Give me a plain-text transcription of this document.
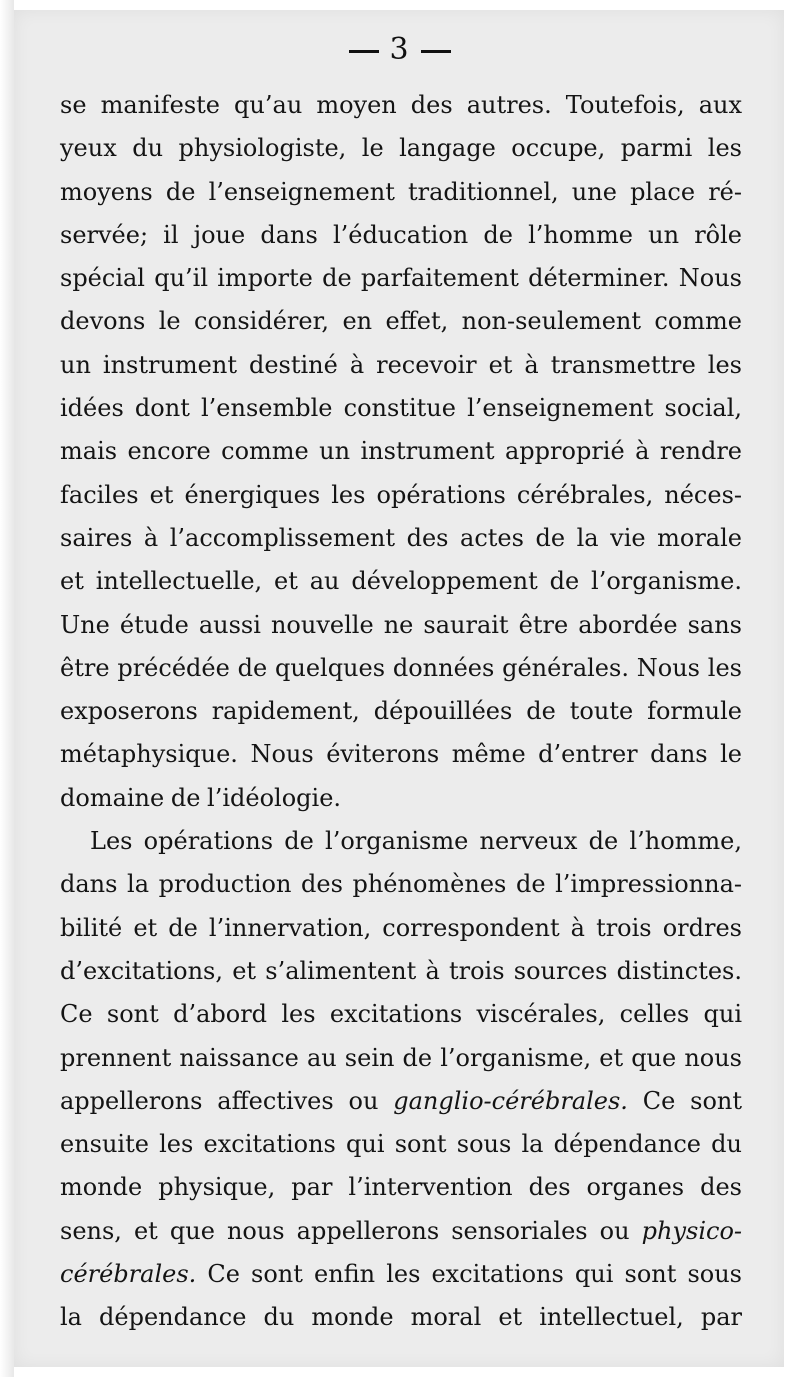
3
se manifeste qu’au moyen des autres. Toutefois, aux
yeux du physiologiste, le langage occupe, parmi les
moyens de l’enseignement traditionnel, une place ré-
servée; il joue dans l’éducation de l’homme un rôle
spécial qu’il importe de parfaitement déterminer. Nous
devons le considérer, en effet, non-seulement comme
un instrument destiné à recevoir et à transmettre les
idées dont l’ensemble constitue l’enseignement social,
mais encore comme un instrument approprié à rendre
faciles et énergiques les opérations cérébrales, néces-
saires à l’accomplissement des actes de la vie morale
et intellectuelle, et au développement de l’organisme.
Une étude aussi nouvelle ne saurait être abordée sans
être précédée de quelques données générales. Nous les
exposerons rapidement, dépouillées de toute formule
métaphysique. Nous éviterons même d’entrer dans le
domaine de l’idéologie.
Les opérations de l’organisme nerveux de l’homme,
dans la production des phénomènes de l’impressionna-
bilité et de l’innervation, correspondent à trois ordres
d’excitations, et s’alimentent à trois sources distinctes.
Ce sont d’abord les excitations viscérales, celles qui
prennent naissance au sein de l’organisme, et que nous
appellerons affectives ou ganglio-cérébrales. Ce sont
ensuite les excitations qui sont sous la dépendance du
monde physique, par l’intervention des organes des
sens, et que nous appellerons sensoriales ou physico-
cérébrales. Ce sont enfin les excitations qui sont sous
la dépendance du monde moral et intellectuel, par
